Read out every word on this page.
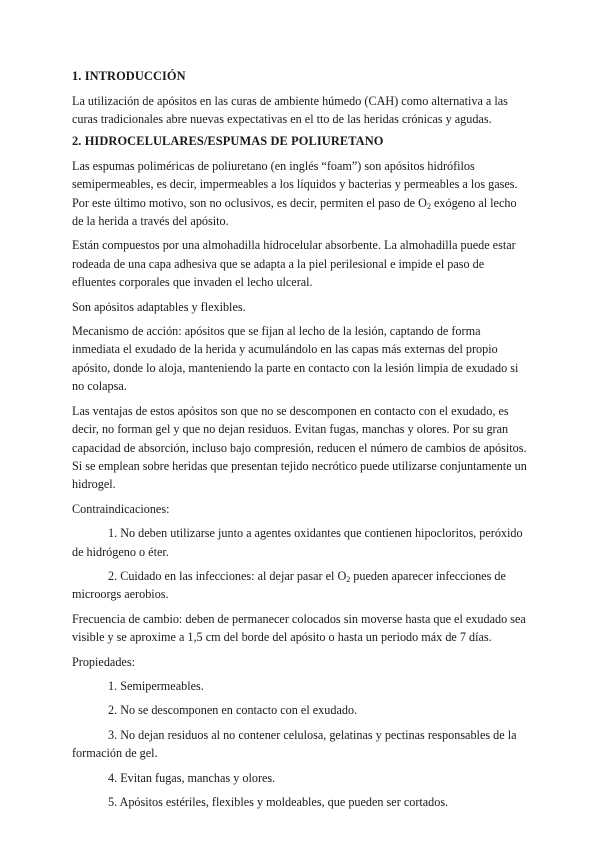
1. INTRODUCCIÓN

La utilización de apósitos en las curas de ambiente húmedo (CAH) como alternativa a las curas tradicionales abre nuevas expectativas en el tto de las heridas crónicas y agudas.

2. HIDROCELULARES/ESPUMAS DE POLIURETANO

Las espumas poliméricas de poliuretano (en inglés “foam”) son apósitos hidrófilos semipermeables, es decir, impermeables a los líquidos y bacterias y permeables a los gases. Por este último motivo, son no oclusivos, es decir, permiten el paso de $O_2$ exógeno al lecho de la herida a través del apósito.

Están compuestos por una almohadilla hidrocelular absorbente. La almohadilla puede estar rodeada de una capa adhesiva que se adapta a la piel perilesional e impide el paso de efluentes corporales que invaden el lecho ulceral.

Son apósitos adaptables y flexibles.

Mecanismo de acción: apósitos que se fijan al lecho de la lesión, captando de forma inmediata el exudado de la herida y acumulándolo en las capas más externas del propio apósito, donde lo aloja, manteniendo la parte en contacto con la lesión limpia de exudado si no colapsa.

Las ventajas de estos apósitos son que no se descomponen en contacto con el exudado, es decir, no forman gel y que no dejan residuos. Evitan fugas, manchas y olores. Por su gran capacidad de absorción, incluso bajo compresión, reducen el número de cambios de apósitos. Si se emplean sobre heridas que presentan tejido necrótico puede utilizarse conjuntamente un hidrogel.

Contraindicaciones:

1. No deben utilizarse junto a agentes oxidantes que contienen hipocloritos, peróxido de hidrógeno o éter.

2. Cuidado en las infecciones: al dejar pasar el $O_2$ pueden aparecer infecciones de microorgs aerobios.

Frecuencia de cambio: deben de permanecer colocados sin moverse hasta que el exudado sea visible y se aproxime a 1,5 cm del borde del apósito o hasta un periodo máx de 7 días.

Propiedades:

1. Semipermeables.

2. No se descomponen en contacto con el exudado.

3. No dejan residuos al no contener celulosa, gelatinas y pectinas responsables de la formación de gel.

4. Evitan fugas, manchas y olores.

5. Apósitos estériles, flexibles y moldeables, que pueden ser cortados.
